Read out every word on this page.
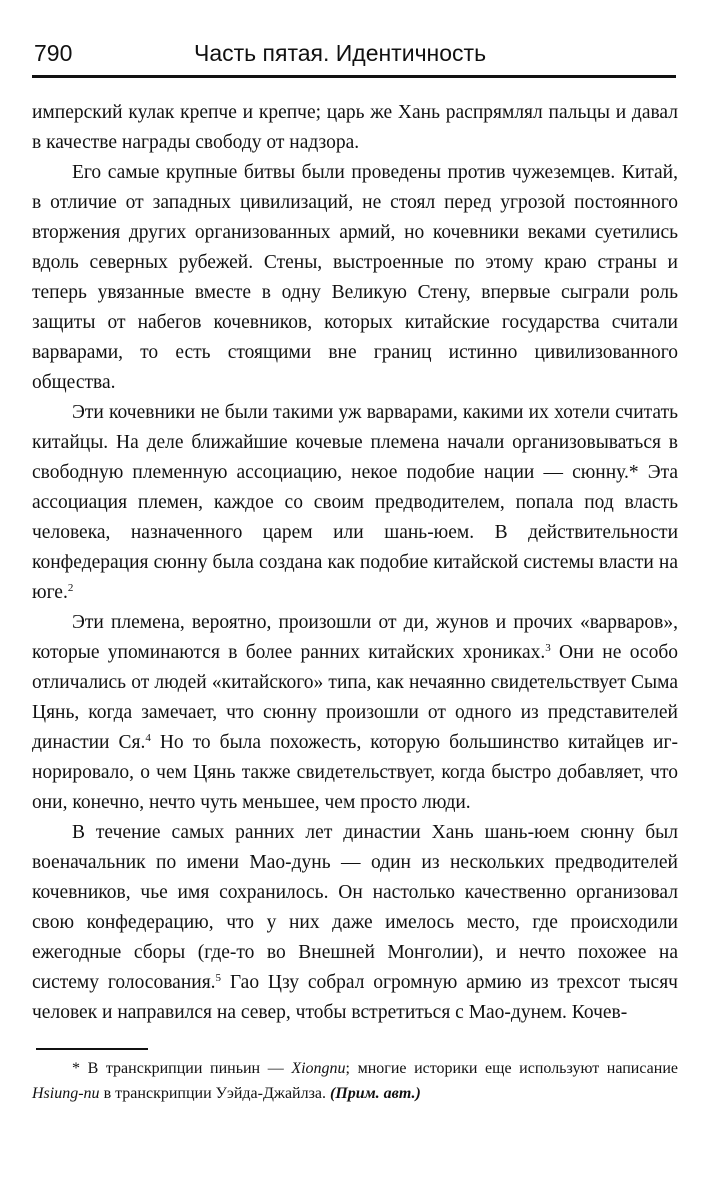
790	Часть пятая. Идентичность

имперский кулак крепче и крепче; царь же Хань распрямлял пальцы и давал в качестве награды свободу от надзора.

Его самые крупные битвы были проведены против чужеземцев. Китай, в отличие от западных цивилизаций, не стоял перед угрозой постоянного вторжения других организованных армий, но кочевники веками суетились вдоль северных рубежей. Стены, выстроенные по этому краю страны и теперь увязанные вместе в одну Великую Стену, впервые сыграли роль защиты от набегов кочевников, которых китайские государства считали варварами, то есть стоящими вне границ истинно цивилизованного общества.

Эти кочевники не были такими уж варварами, какими их хотели считать китайцы. На деле ближайшие кочевые племена начали организовываться в свободную племенную ассоциацию, некое подобие нации — сюнну.* Эта ассоциация племен, каждое со своим предводителем, попала под власть человека, назначенного царем или шань-юем. В действительности конфедерация сюнну была создана как подобие китайской системы власти на юге.$^2$

Эти племена, вероятно, произошли от ди, жунов и прочих «варваров», которые упоминаются в более ранних китайских хрониках.$^3$ Они не особо отличались от людей «китайского» типа, как нечаянно свидетельствует Сыма Цянь, когда замечает, что сюнну произошли от одного из представителей династии Ся.$^4$ Но то была похожесть, которую большинство китайцев игнорировало, о чем Цянь также свидетельствует, когда быстро добавляет, что они, конечно, нечто чуть меньшее, чем просто люди.

В течение самых ранних лет династии Хань шань-юем сюнну был военачальник по имени Мао-дунь — один из нескольких предводителей кочевников, чье имя сохранилось. Он настолько качественно организовал свою конфедерацию, что у них даже имелось место, где происходили ежегодные сборы (где-то во Внешней Монголии), и нечто похожее на систему голосования.$^5$ Гао Цзу собрал огромную армию из трехсот тысяч человек и направился на север, чтобы встретиться с Мао-дунем. Кочев-

* В транскрипции пиньин — Xiongnu; многие историки еще используют написание Hsiung-nu в транскрипции Уэйда-Джайлза. (Прим. авт.)
